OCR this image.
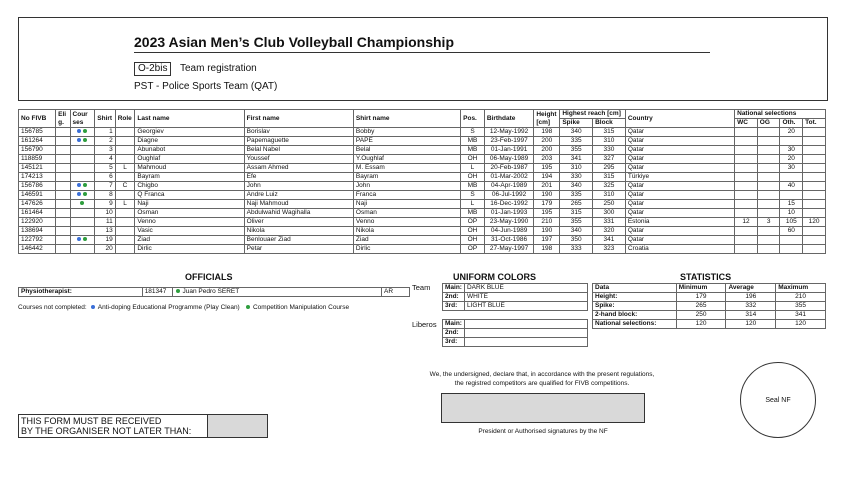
2023 Asian Men’s Club Volleyball Championship
O-2bis	Team registration
PST - Police Sports Team (QAT)
No FIVB	Eli g.	Cour ses	Shirt	Role	Last name	First name	Shirt name	Pos.	Birthdate	Height [cm]	Highest reach [cm]		Country	National selections			
											Spike	Block		WC	OG	Oth.	Tot.
156785			1		Georgiev	Borislav	Bobby	S	12-May-1992	198	340	315	Qatar			20	
161264			2		Diagne	Papemaguette	PAPE	MB	23-Feb-1997	200	335	310	Qatar				
156790			3		Abunabot	Belal Nabel	Belal	MB	01-Jan-1991	200	355	330	Qatar			30	
118859			4		Oughlaf	Youssef	Y.Oughlaf	OH	06-May-1989	203	341	327	Qatar			20	
145121			5	L	Mahmoud	Assam Ahmed	M. Essam	L	20-Feb-1987	195	310	295	Qatar			30	
174213			6		Bayram	Efe	Bayram	OH	01-Mar-2002	194	330	315	Türkiye				
156786			7	C	Chigbo	John	John	MB	04-Apr-1989	201	340	325	Qatar			40	
146591			8		Q Franca	Andre Luiz	Franca	S	06-Jul-1992	190	335	310	Qatar				
147626			9	L	Naji	Naji Mahmoud	Naji	L	16-Dec-1992	179	265	250	Qatar			15	
161464			10		Osman	Abdulwahid Wagihalla	Osman	MB	01-Jan-1993	195	315	300	Qatar			10	
122920			11		Venno	Oliver	Venno	OP	23-May-1990	210	355	331	Estonia	12	3	105	120
138694			13		Vasic	Nikola	Nikola	OH	04-Jun-1989	190	340	320	Qatar			60	
122792			19		Ziad	Benlouaer Ziad	Ziad	OH	31-Oct-1986	197	350	341	Qatar				
146442			20		Dirlic	Petar	Dirlic	OP	27-May-1997	198	333	323	Croatia				
OFFICIALS
Physiotherapist:	181347	Juan Pedro SERET	AR
Courses not completed: Anti-doping Educational Programme (Play Clean) Competition Manipulation Course
UNIFORM COLORS
Team Main:	DARK BLUE
2nd:	WHITE
3rd:	LIGHT BLUE
Liberos Main:	
2nd:	
3rd:	
STATISTICS
Data	Minimum	Average	Maximum
Height:	179	196	210
Spike:	265	332	355
2-hand block:	250	314	341
National selections:	120	120	120
We, the undersigned, declare that, in accordance with the present regulations,
the registred competitors are qualified for FIVB competitions.
President or Authorised signatures by the NF
Seal NF
THIS FORM MUST BE RECEIVED
BY THE ORGANISER NOT LATER THAN:
